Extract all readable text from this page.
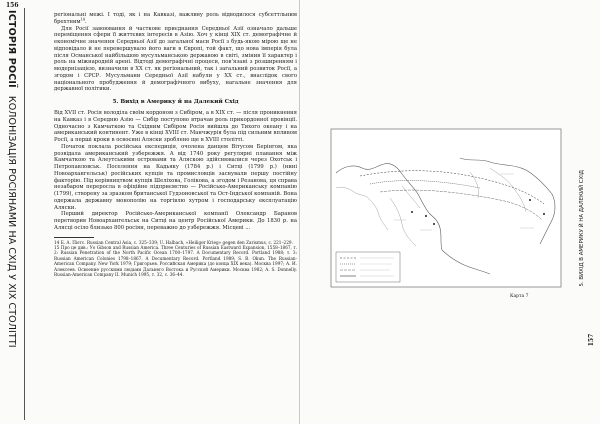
156
ІСТОРІЯ РОСІЇКОЛОНІЗАЦІЯ РОСІЯНАМИ НА СХІД У ХІХ СТОЛІТТІ

регіональні межі. І тоді, як і на Кавказі, важливу роль відводилося субсеттльним брехтним$^{14}$.

Для Росії завоювання й часткове приєднання Середньої Азії означало дальше переміщення сфери її життєвих інтересів в Азію. Хоч у кінці ХІХ ст. демографічне й економічне значення Середньої Азії до загальної маси Росії з будь-якою мірою ще не відповідало й не перевершувало його ваги в Європі, той факт, що нова імперія була після Османської найбільшою мусульманською державою в світі, змінив її характер і роль на міжнародній арені. Відтоді демографічні процеси, пов’язані з розширенням і модернізацією, визначили в ХХ ст. як регіональний, так і загальний розвиток Росії, а згодом і СРСР. Мусульмани Середньої Азії набули у ХХ ст., внаслідок свого національного пробудження й демографічного вибуху, нагальне значення для державної політики.

5. Вихід в Америку й на Далекий Схід

Від ХVІІ ст. Росія володіла своїм кордоном з Сибіром, а в ХІХ ст. — після проникнення на Кавказ і в Середню Азію — Сибір поступово втрачав роль прикордонної провінції. Одночасно з Камчаткою та Східним Сибіром Росія вийшла до Тихого океану і на американський континент. Уже в кінці ХVІІІ ст. Манчжурія була під сильним впливом Росії, а перші кроки в освоєнні Аляски зроблено ще в XVIII столітті.

Початок поклала російська експедиція, очолена данцем Вітусом Берінгом, яка розвідала американський узбережжя. А від 1740 року регулярні плавання між Камчаткою та Алеутськими островами та Аляскою здійснювалися через Охотськ і Петропавловськ. Поселення на Кадьяку (1784 р.) і Ситці (1799 р.) (нині Новоархангельськ) російських купців та промисловців заснували першу постійну факторію. Під керівництвом купців Шеліхова, Голікова, а згодом і Резанова, ця справа незабаром переросла в офіційне підприємство — Російсько-Американську компанію (1799), створену за зразком британської Гудзоновської та Ост-Індської компаній. Вона одержала державну монополію на торгівлю хутром і господарську експлуатацію Аляски.

Перший директор Російсько-Американської компанії Олександр Баранов перетворив Новоархангельськ на Ситці на центр Російської Америки. До 1830 р. на Алясці осіло близько 800 росіян, переважно до узбережжя. Місцеві ...

14 Б. А. Пієтс. Russian Central Asia, с. 325–339; U. Halbach, «Heiliger Krieg» gegen den Zarismus, с. 221–229.

15 Про це див.: Уо Gibson and Russian America. Three Centuries of Russian Eastward Expansion, 1558–1867, т. 2: Russian Penetration of the North Pacific Ocean 1700–1797. A Documentary Record. Portland 1988; т. 3: Russian American Colonies 1798–1867. A Documentary Record. Portland 1989; S. B. Okun. The Russian-American Company. New York 1979; Григорьев. Российская Америка (до конца XIX века). Москва 1997; А. И. Алексеев. Освоение русскими людьми Дальнего Востока и Русской Америки. Москва 1982; A. S. Donnelly. Russian-American Company II. Munich 1995, т. 32, с. 36–44.

Карта 7
5. ВИХІД В АМЕРИКУ Й НА ДАЛЕКИЙ СХІД
157
